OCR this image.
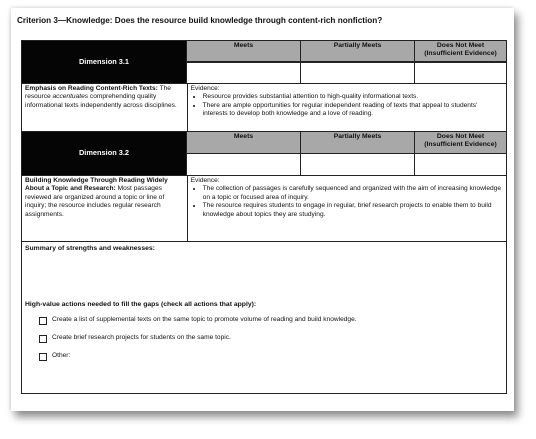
Criterion 3—Knowledge: Does the resource build knowledge through content-rich nonfiction?
Dimension 3.1
Meets	Partially Meets	Does Not Meet
(Insufficient Evidence)
Emphasis on Reading Content-Rich Texts: The resource accentuates comprehending quality informational texts independently across disciplines.
Evidence:
• Resource provides substantial attention to high-quality informational texts.
• There are ample opportunities for regular independent reading of texts that appeal to students' interests to develop both knowledge and a love of reading.
Dimension 3.2
Meets	Partially Meets	Does Not Meet
(Insufficient Evidence)
Building Knowledge Through Reading Widely About a Topic and Research: Most passages reviewed are organized around a topic or line of inquiry; the resource includes regular research assignments.
Evidence:
• The collection of passages is carefully sequenced and organized with the aim of increasing knowledge on a topic or focused area of inquiry.
• The resource requires students to engage in regular, brief research projects to enable them to build knowledge about topics they are studying.
Summary of strengths and weaknesses:
High-value actions needed to fill the gaps (check all actions that apply):
Create a list of supplemental texts on the same topic to promote volume of reading and build knowledge.
Create brief research projects for students on the same topic.
Other:
